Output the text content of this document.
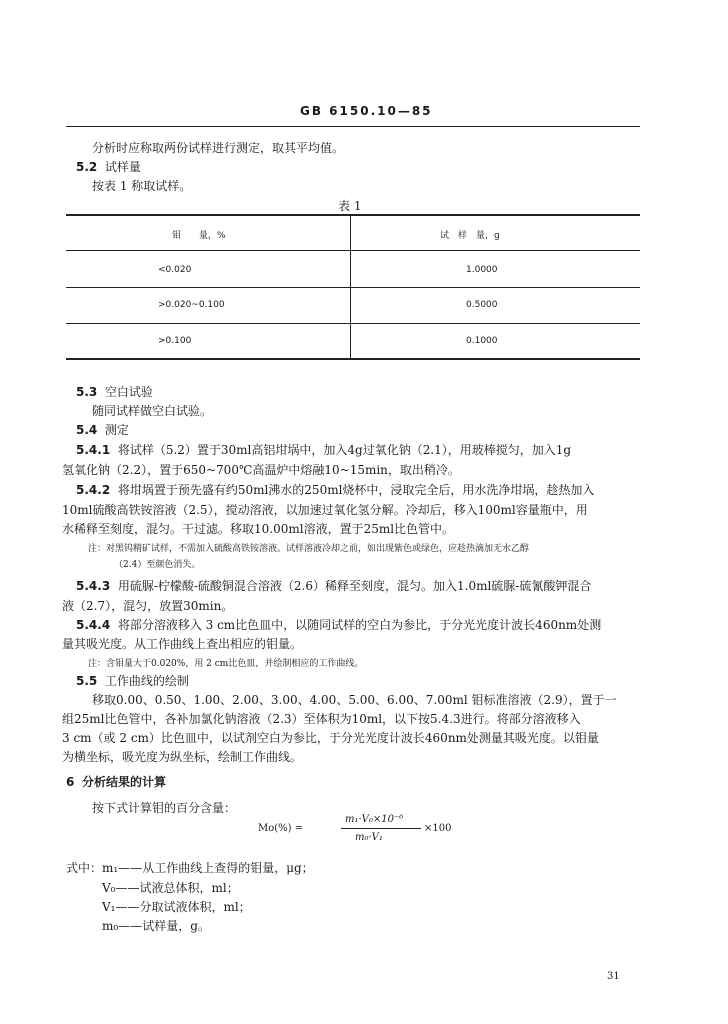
GB 6150.10—85
分析时应称取两份试样进行测定，取其平均值。
5.2 试样量
按表 1 称取试样。
表 1
钼　　量，%	试　样　量，g
<0.020	1.0000
>0.020~0.100	0.5000
>0.100	0.1000
5.3 空白试验
随同试样做空白试验。
5.4 测定
5.4.1 将试样（5.2）置于30ml高铝坩埚中，加入4g过氧化钠（2.1），用玻棒搅匀，加入1g
氢氧化钠（2.2），置于650~700℃高温炉中熔融10~15min，取出稍冷。
5.4.2 将坩埚置于预先盛有约50ml沸水的250ml烧杯中，浸取完全后，用水洗净坩埚，趁热加入
10ml硫酸高铁铵溶液（2.5），搅动溶液，以加速过氧化氢分解。冷却后，移入100ml容量瓶中，用
水稀释至刻度，混匀。干过滤。移取10.00ml溶液，置于25ml比色管中。
注：对黑钨精矿试样，不需加入硫酸高铁铵溶液。试样溶液冷却之前，如出现紫色或绿色，应趁热滴加无水乙醇
（2.4）至颜色消失。
5.4.3 用硫脲-柠檬酸-硫酸铜混合溶液（2.6）稀释至刻度，混匀。加入1.0ml硫脲-硫氰酸钾混合
液（2.7），混匀，放置30min。
5.4.4 将部分溶液移入 3 cm比色皿中，以随同试样的空白为参比，于分光光度计波长460nm处测
量其吸光度。从工作曲线上查出相应的钼量。
注：含钼量大于0.020%，用 2 cm比色皿，并绘制相应的工作曲线。
5.5 工作曲线的绘制
移取0.00、0.50、1.00、2.00、3.00、4.00、5.00、6.00、7.00ml 钼标准溶液（2.9），置于一
组25ml比色管中，各补加氯化钠溶液（2.3）至体积为10ml，以下按5.4.3进行。将部分溶液移入
3 cm（或 2 cm）比色皿中，以试剂空白为参比，于分光光度计波长460nm处测量其吸光度。以钼量
为横坐标，吸光度为纵坐标，绘制工作曲线。
6 分析结果的计算
按下式计算钼的百分含量：
Mo(%) =
m₁·V₀×10⁻⁶
m₀·V₁
×100
式中：m₁——从工作曲线上查得的钼量，μg；
V₀——试液总体积，ml；
V₁——分取试液体积，ml；
m₀——试样量，g。
31
